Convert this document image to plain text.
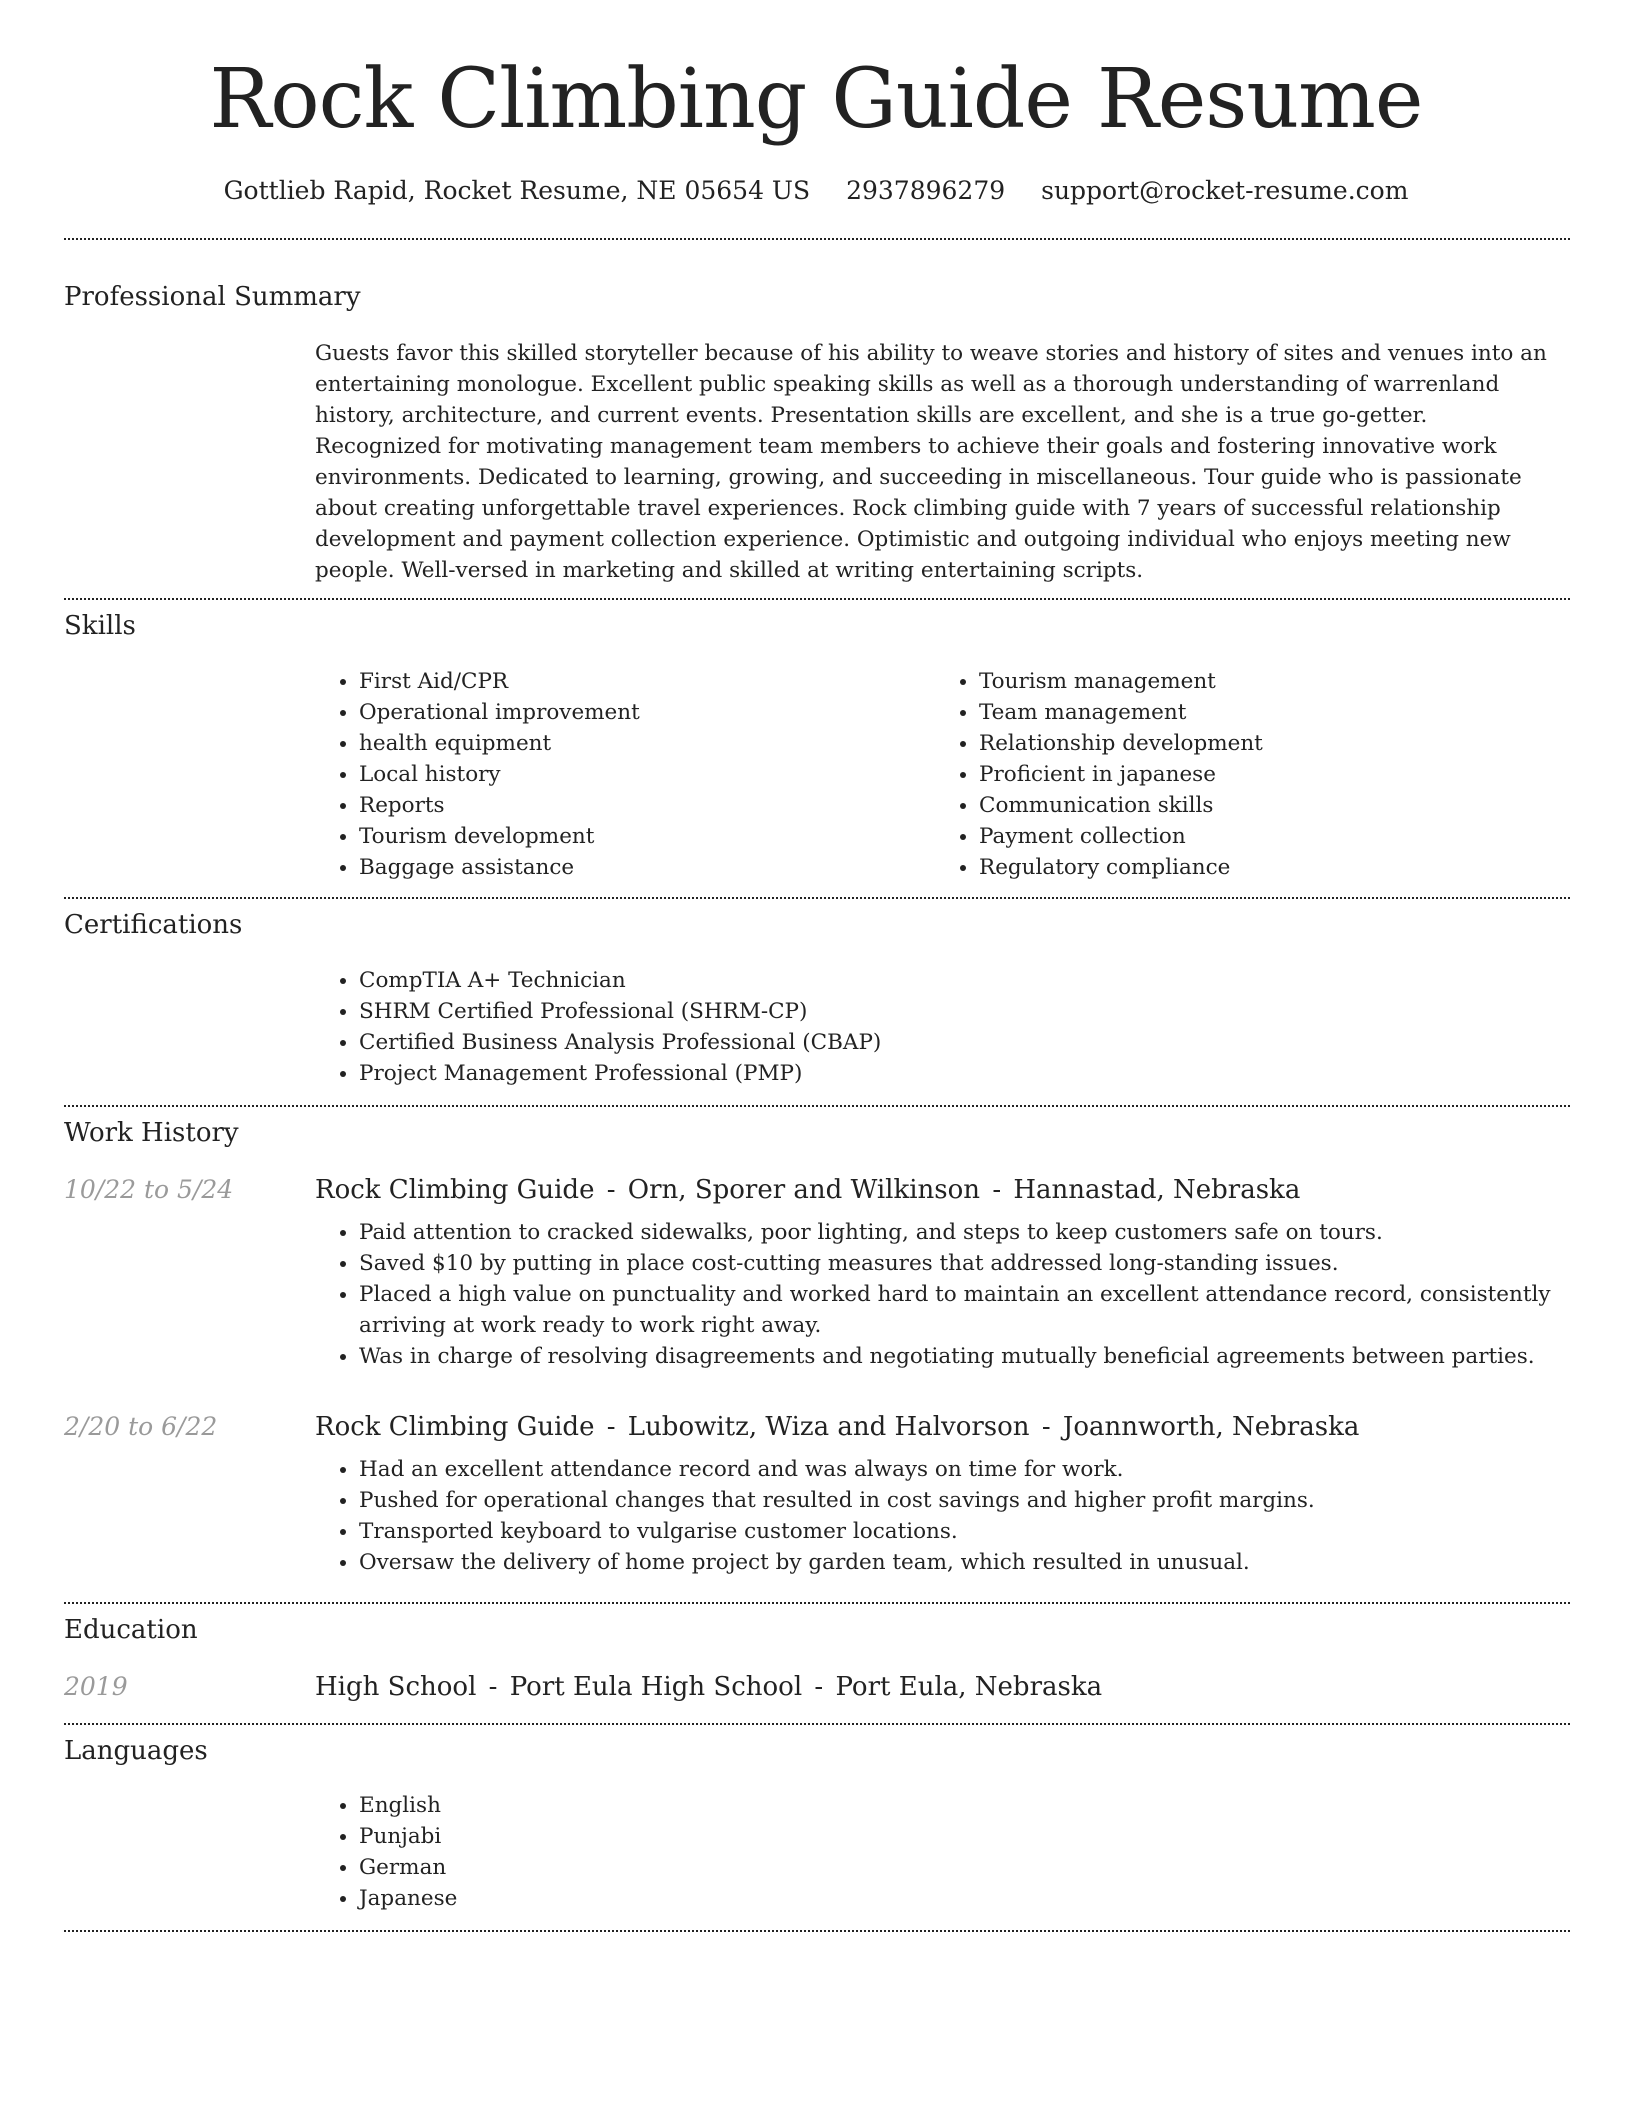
Rock Climbing Guide Resume
Gottlieb Rapid, Rocket Resume, NE 05654 US 2937896279 support@rocket-resume.com
Professional Summary

Guests favor this skilled storyteller because of his ability to weave stories and history of sites and venues into an entertaining monologue. Excellent public speaking skills as well as a thorough understanding of warrenland history, architecture, and current events. Presentation skills are excellent, and she is a true go-getter. Recognized for motivating management team members to achieve their goals and fostering innovative work environments. Dedicated to learning, growing, and succeeding in miscellaneous. Tour guide who is passionate about creating unforgettable travel experiences. Rock climbing guide with 7 years of successful relationship development and payment collection experience. Optimistic and outgoing individual who enjoys meeting new people. Well-versed in marketing and skilled at writing entertaining scripts.

Skills
• First Aid/CPR
• Operational improvement
• health equipment
• Local history
• Reports
• Tourism development
• Baggage assistance
• Tourism management
• Team management
• Relationship development
• Proficient in japanese
• Communication skills
• Payment collection
• Regulatory compliance
Certifications
• CompTIA A+ Technician
• SHRM Certified Professional (SHRM-CP)
• Certified Business Analysis Professional (CBAP)
• Project Management Professional (PMP)
Work History
10/22 to 5/24	Rock Climbing Guide - Orn, Sporer and Wilkinson - Hannastad, Nebraska
• Paid attention to cracked sidewalks, poor lighting, and steps to keep customers safe on tours.
• Saved $10 by putting in place cost-cutting measures that addressed long-standing issues.
• Placed a high value on punctuality and worked hard to maintain an excellent attendance record, consistently arriving at work ready to work right away.
• Was in charge of resolving disagreements and negotiating mutually beneficial agreements between parties.
2/20 to 6/22	Rock Climbing Guide - Lubowitz, Wiza and Halvorson - Joannworth, Nebraska
• Had an excellent attendance record and was always on time for work.
• Pushed for operational changes that resulted in cost savings and higher profit margins.
• Transported keyboard to vulgarise customer locations.
• Oversaw the delivery of home project by garden team, which resulted in unusual.
Education
2019	High School - Port Eula High School - Port Eula, Nebraska
Languages
• English
• Punjabi
• German
• Japanese
